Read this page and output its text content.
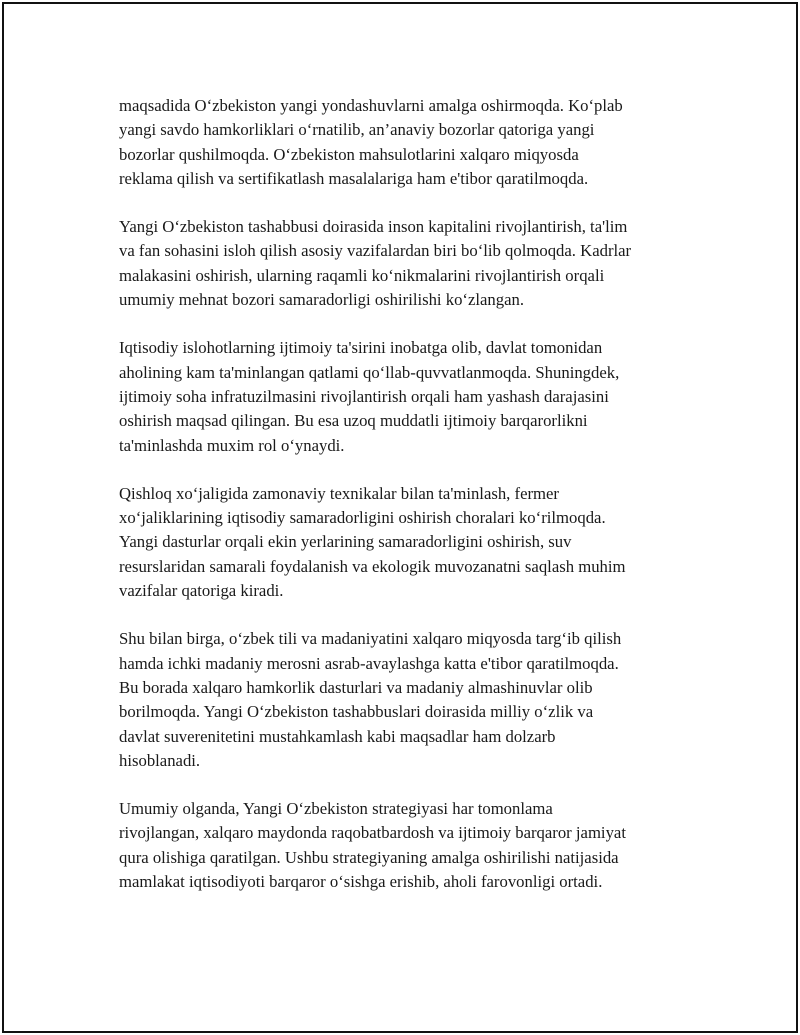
maqsadida O‘zbekiston yangi yondashuvlarni amalga oshirmoqda. Ko‘plab
yangi savdo hamkorliklari o‘rnatilib, an’anaviy bozorlar qatoriga yangi
bozorlar qushilmoqda. O‘zbekiston mahsulotlarini xalqaro miqyosda
reklama qilish va sertifikatlash masalalariga ham e'tibor qaratilmoqda.

Yangi O‘zbekiston tashabbusi doirasida inson kapitalini rivojlantirish, ta'lim
va fan sohasini isloh qilish asosiy vazifalardan biri bo‘lib qolmoqda. Kadrlar
malakasini oshirish, ularning raqamli ko‘nikmalarini rivojlantirish orqali
umumiy mehnat bozori samaradorligi oshirilishi ko‘zlangan.

Iqtisodiy islohotlarning ijtimoiy ta'sirini inobatga olib, davlat tomonidan
aholining kam ta'minlangan qatlami qo‘llab-quvvatlanmoqda. Shuningdek,
ijtimoiy soha infratuzilmasini rivojlantirish orqali ham yashash darajasini
oshirish maqsad qilingan. Bu esa uzoq muddatli ijtimoiy barqarorlikni
ta'minlashda muxim rol o‘ynaydi.

Qishloq xo‘jaligida zamonaviy texnikalar bilan ta'minlash, fermer
xo‘jaliklarining iqtisodiy samaradorligini oshirish choralari ko‘rilmoqda.
Yangi dasturlar orqali ekin yerlarining samaradorligini oshirish, suv
resurslaridan samarali foydalanish va ekologik muvozanatni saqlash muhim
vazifalar qatoriga kiradi.

Shu bilan birga, o‘zbek tili va madaniyatini xalqaro miqyosda targ‘ib qilish
hamda ichki madaniy merosni asrab-avaylashga katta e'tibor qaratilmoqda.
Bu borada xalqaro hamkorlik dasturlari va madaniy almashinuvlar olib
borilmoqda. Yangi O‘zbekiston tashabbuslari doirasida milliy o‘zlik va
davlat suverenitetini mustahkamlash kabi maqsadlar ham dolzarb
hisoblanadi.

Umumiy olganda, Yangi O‘zbekiston strategiyasi har tomonlama
rivojlangan, xalqaro maydonda raqobatbardosh va ijtimoiy barqaror jamiyat
qura olishiga qaratilgan. Ushbu strategiyaning amalga oshirilishi natijasida
mamlakat iqtisodiyoti barqaror o‘sishga erishib, aholi farovonligi ortadi.
